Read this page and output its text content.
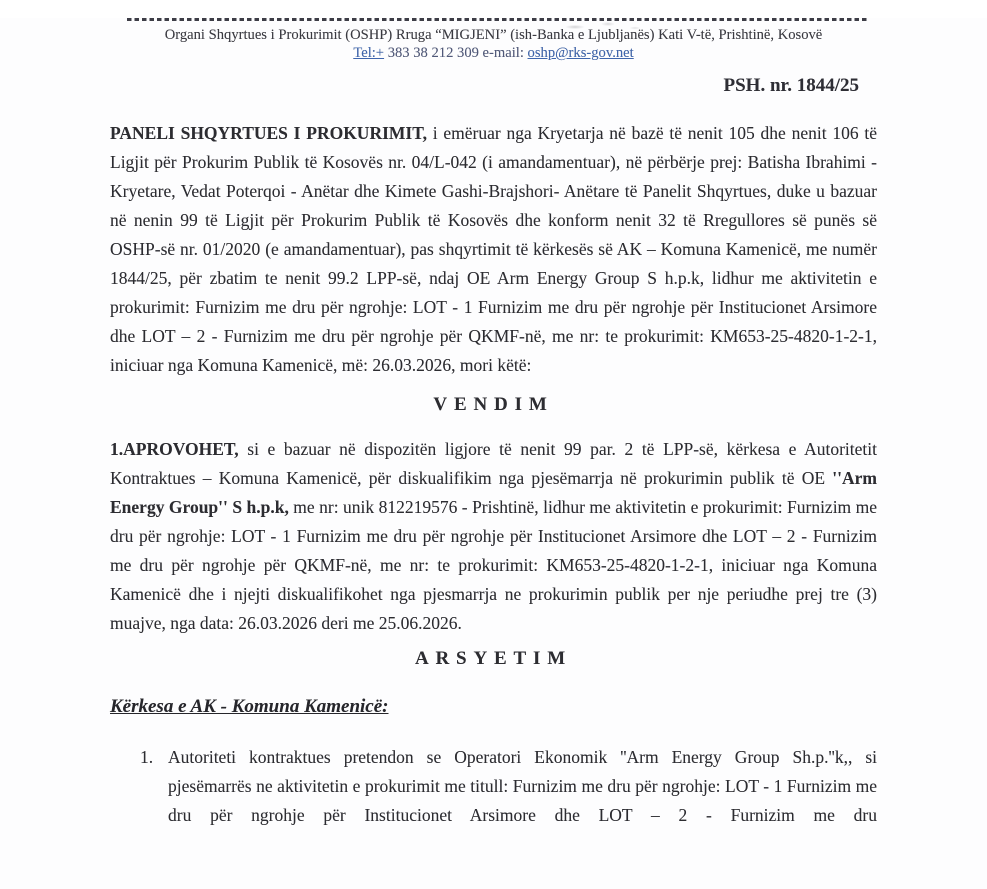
Organi Shqyrtues i Prokurimit (OSHP) Rruga “MIGJENI” (ish-Banka e Ljubljanës) Kati V-të, Prishtinë, Kosovë
Tel:+ 383 38 212 309 e-mail: oshp@rks-gov.net
PSH. nr. 1844/25

PANELI SHQYRTUES I PROKURIMIT, i emëruar nga Kryetarja në bazë të nenit 105 dhe nenit 106 të Ligjit për Prokurim Publik të Kosovës nr. 04/L-042 (i amandamentuar), në përbërje prej: Batisha Ibrahimi - Kryetare, Vedat Poterqoi - Anëtar dhe Kimete Gashi-Brajshori- Anëtare të Panelit Shqyrtues, duke u bazuar në nenin 99 të Ligjit për Prokurim Publik të Kosovës dhe konform nenit 32 të Rregullores së punës së OSHP-së nr. 01/2020 (e amandamentuar), pas shqyrtimit të kërkesës së AK – Komuna Kamenicë, me numër 1844/25, për zbatim te nenit 99.2 LPP-së, ndaj OE Arm Energy Group S h.p.k, lidhur me aktivitetin e prokurimit: Furnizim me dru për ngrohje: LOT - 1 Furnizim me dru për ngrohje për Institucionet Arsimore dhe LOT – 2 - Furnizim me dru për ngrohje për QKMF-në, me nr: te prokurimit: KM653-25-4820-1-2-1, iniciuar nga Komuna Kamenicë, më: 26.03.2026, mori këtë:

VENDIM

1.APROVOHET, si e bazuar në dispozitën ligjore të nenit 99 par. 2 të LPP-së, kërkesa e Autoritetit Kontraktues – Komuna Kamenicë, për diskualifikim nga pjesëmarrja në prokurimin publik të OE ''Arm Energy Group'' S h.p.k, me nr: unik 812219576 - Prishtinë, lidhur me aktivitetin e prokurimit: Furnizim me dru për ngrohje: LOT - 1 Furnizim me dru për ngrohje për Institucionet Arsimore dhe LOT – 2 - Furnizim me dru për ngrohje për QKMF-në, me nr: te prokurimit: KM653-25-4820-1-2-1, iniciuar nga Komuna Kamenicë dhe i njejti diskualifikohet nga pjesmarrja ne prokurimin publik per nje periudhe prej tre (3) muajve, nga data: 26.03.2026 deri me 25.06.2026.

ARSYETIM
Kërkesa e AK - Komuna Kamenicë:
1. Autoriteti kontraktues pretendon se Operatori Ekonomik ''Arm Energy Group Sh.p.''k,, si pjesëmarrës ne aktivitetin e prokurimit me titull: Furnizim me dru për ngrohje: LOT - 1 Furnizim me dru për ngrohje për Institucionet Arsimore dhe LOT – 2 - Furnizim me dru
